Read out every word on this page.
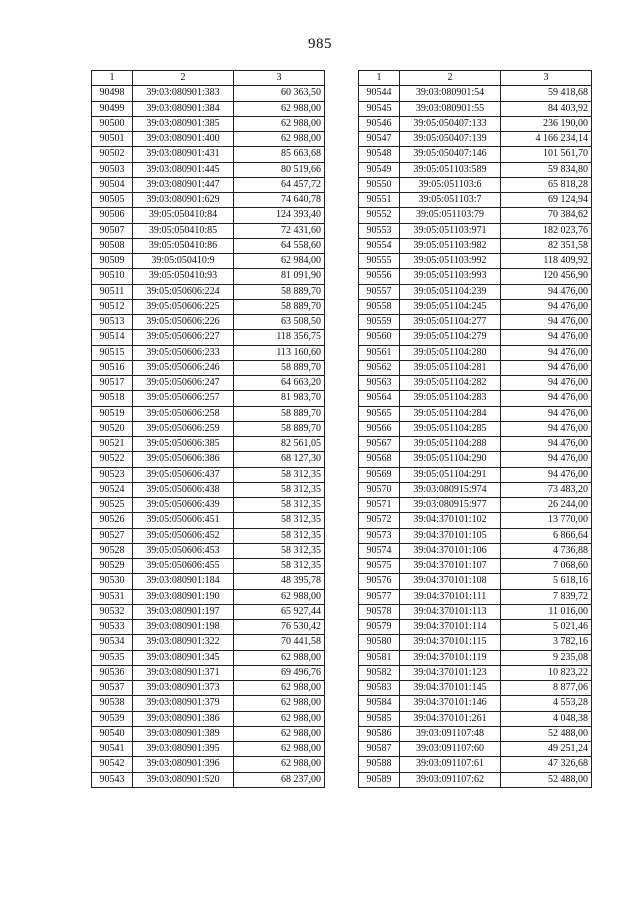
985
1	2	3
90498	39:03:080901:383	60 363,50
90499	39:03:080901:384	62 988,00
90500	39:03:080901:385	62 988,00
90501	39:03:080901:400	62 988,00
90502	39:03:080901:431	85 663,68
90503	39:03:080901:445	80 519,66
90504	39:03:080901:447	64 457,72
90505	39:03:080901:629	74 640,78
90506	39:05:050410:84	124 393,40
90507	39:05:050410:85	72 431,60
90508	39:05:050410:86	64 558,60
90509	39:05:050410:9	62 984,00
90510	39:05:050410:93	81 091,90
90511	39:05:050606:224	58 889,70
90512	39:05:050606:225	58 889,70
90513	39:05:050606:226	63 508,50
90514	39:05:050606:227	118 356,75
90515	39:05:050606:233	113 160,60
90516	39:05:050606:246	58 889,70
90517	39:05:050606:247	64 663,20
90518	39:05:050606:257	81 983,70
90519	39:05:050606:258	58 889,70
90520	39:05:050606:259	58 889,70
90521	39:05:050606:385	82 561,05
90522	39:05:050606:386	68 127,30
90523	39:05:050606:437	58 312,35
90524	39:05:050606:438	58 312,35
90525	39:05:050606:439	58 312,35
90526	39:05:050606:451	58 312,35
90527	39:05:050606:452	58 312,35
90528	39:05:050606:453	58 312,35
90529	39:05:050606:455	58 312,35
90530	39:03:080901:184	48 395,78
90531	39:03:080901:190	62 988,00
90532	39:03:080901:197	65 927,44
90533	39:03:080901:198	76 530,42
90534	39:03:080901:322	70 441,58
90535	39:03:080901:345	62 988,00
90536	39:03:080901:371	69 496,76
90537	39:03:080901:373	62 988,00
90538	39:03:080901:379	62 988,00
90539	39:03:080901:386	62 988,00
90540	39:03:080901:389	62 988,00
90541	39:03:080901:395	62 988,00
90542	39:03:080901:396	62 988,00
90543	39:03:080901:520	68 237,00
1	2	3
90544	39:03:080901:54	59 418,68
90545	39:03:080901:55	84 403,92
90546	39:05:050407:133	236 190,00
90547	39:05:050407:139	4 166 234,14
90548	39:05:050407:146	101 561,70
90549	39:05:051103:589	59 834,80
90550	39:05:051103:6	65 818,28
90551	39:05:051103:7	69 124,94
90552	39:05:051103:79	70 384,62
90553	39:05:051103:971	182 023,76
90554	39:05:051103:982	82 351,58
90555	39:05:051103:992	118 409,92
90556	39:05:051103:993	120 456,90
90557	39:05:051104:239	94 476,00
90558	39:05:051104:245	94 476,00
90559	39:05:051104:277	94 476,00
90560	39:05:051104:279	94 476,00
90561	39:05:051104:280	94 476,00
90562	39:05:051104:281	94 476,00
90563	39:05:051104:282	94 476,00
90564	39:05:051104:283	94 476,00
90565	39:05:051104:284	94 476,00
90566	39:05:051104:285	94 476,00
90567	39:05:051104:288	94 476,00
90568	39:05:051104:290	94 476,00
90569	39:05:051104:291	94 476,00
90570	39:03:080915:974	73 483,20
90571	39:03:080915:977	26 244,00
90572	39:04:370101:102	13 770,00
90573	39:04:370101:105	6 866,64
90574	39:04:370101:106	4 736,88
90575	39:04:370101:107	7 068,60
90576	39:04:370101:108	5 618,16
90577	39:04:370101:111	7 839,72
90578	39:04:370101:113	11 016,00
90579	39:04:370101:114	5 021,46
90580	39:04:370101:115	3 782,16
90581	39:04:370101:119	9 235,08
90582	39:04:370101:123	10 823,22
90583	39:04:370101:145	8 877,06
90584	39:04:370101:146	4 553,28
90585	39:04:370101:261	4 048,38
90586	39:03:091107:48	52 488,00
90587	39:03:091107:60	49 251,24
90588	39:03:091107:61	47 326,68
90589	39:03:091107:62	52 488,00
